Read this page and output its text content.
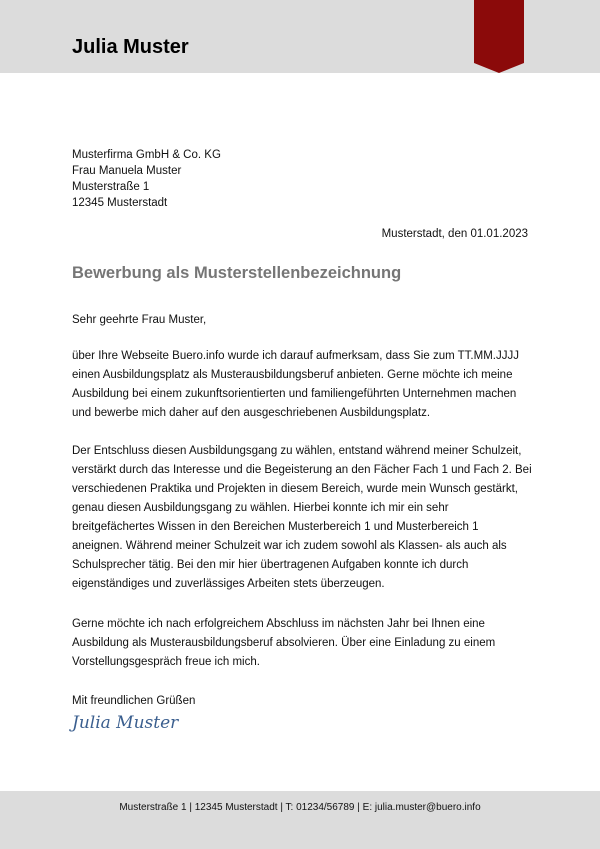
Julia Muster
Musterfirma GmbH & Co. KG
Frau Manuela Muster
Musterstraße 1
12345 Musterstadt
Musterstadt, den 01.01.2023
Bewerbung als Musterstellenbezeichnung
Sehr geehrte Frau Muster,
über Ihre Webseite Buero.info wurde ich darauf aufmerksam, dass Sie zum TT.MM.JJJJ einen Ausbildungsplatz als Musterausbildungsberuf anbieten. Gerne möchte ich meine Ausbildung bei einem zukunftsorientierten und familiengeführten Unternehmen machen und bewerbe mich daher auf den ausgeschriebenen Ausbildungsplatz.
Der Entschluss diesen Ausbildungsgang zu wählen, entstand während meiner Schulzeit, verstärkt durch das Interesse und die Begeisterung an den Fächer Fach 1 und Fach 2. Bei verschiedenen Praktika und Projekten in diesem Bereich, wurde mein Wunsch gestärkt, genau diesen Ausbildungsgang zu wählen. Hierbei konnte ich mir ein sehr breitgefächertes Wissen in den Bereichen Musterbereich 1 und Musterbereich 1 aneignen. Während meiner Schulzeit war ich zudem sowohl als Klassen- als auch als Schulsprecher tätig. Bei den mir hier übertragenen Aufgaben konnte ich durch eigenständiges und zuverlässiges Arbeiten stets überzeugen.
Gerne möchte ich nach erfolgreichem Abschluss im nächsten Jahr bei Ihnen eine Ausbildung als Musterausbildungsberuf absolvieren. Über eine Einladung zu einem Vorstellungsgespräch freue ich mich.
Mit freundlichen Grüßen
Julia Muster
Musterstraße 1 | 12345 Musterstadt | T: 01234/56789 | E: julia.muster@buero.info
